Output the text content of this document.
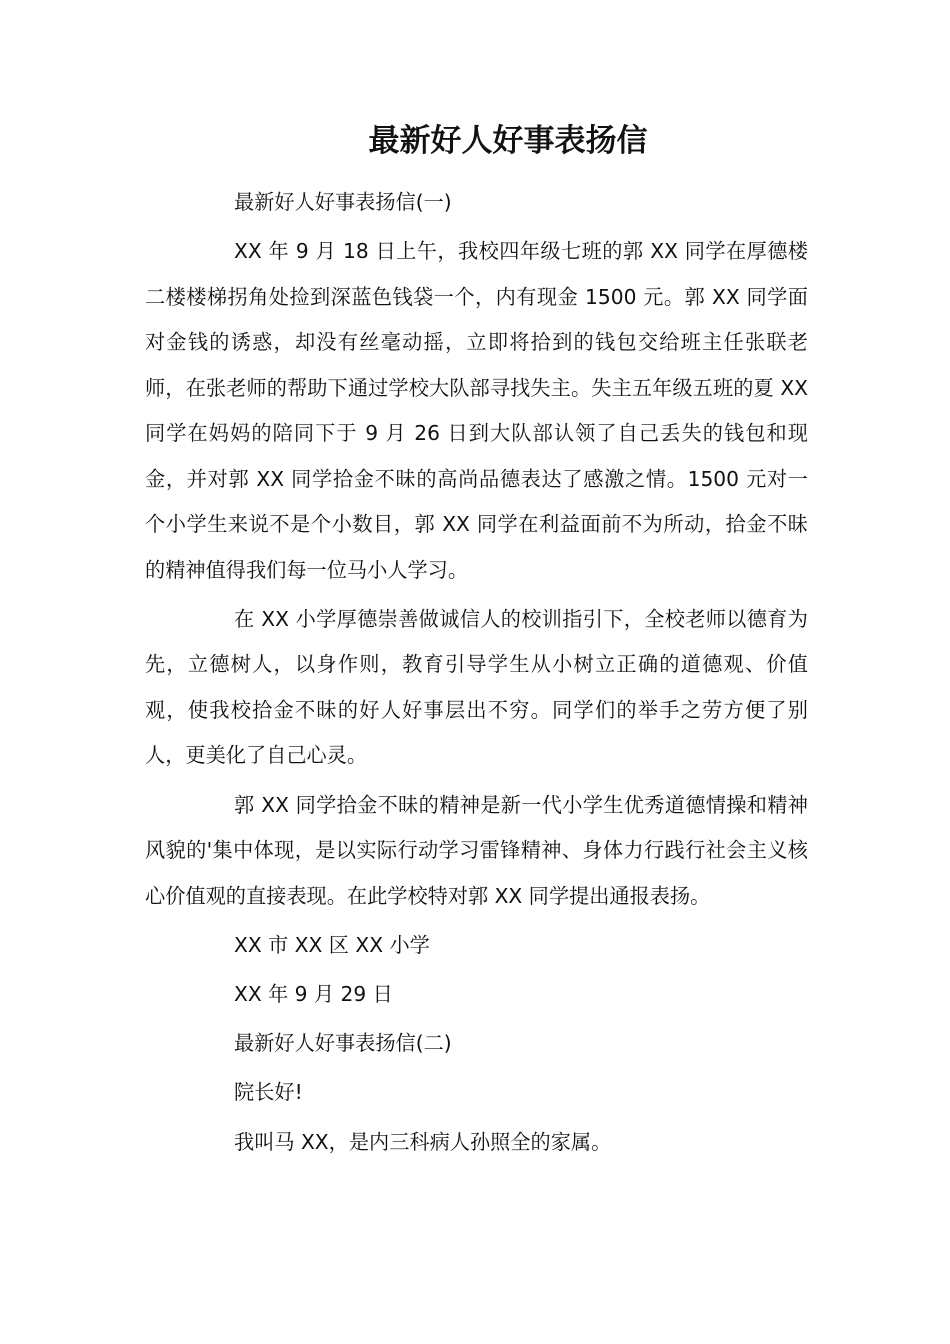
最新好人好事表扬信

最新好人好事表扬信(一)

XX 年 9 月 18 日上午，我校四年级七班的郭 XX 同学在厚德楼二楼楼梯拐角处捡到深蓝色钱袋一个，内有现金 1500 元。郭 XX 同学面对金钱的诱惑，却没有丝毫动摇，立即将拾到的钱包交给班主任张联老师，在张老师的帮助下通过学校大队部寻找失主。失主五年级五班的夏 XX 同学在妈妈的陪同下于 9 月 26 日到大队部认领了自己丢失的钱包和现金，并对郭 XX 同学拾金不昧的高尚品德表达了感激之情。1500 元对一个小学生来说不是个小数目，郭 XX 同学在利益面前不为所动，拾金不昧的精神值得我们每一位马小人学习。

在 XX 小学厚德崇善做诚信人的校训指引下，全校老师以德育为先，立德树人，以身作则，教育引导学生从小树立正确的道德观、价值观，使我校拾金不昧的好人好事层出不穷。同学们的举手之劳方便了别人，更美化了自己心灵。

郭 XX 同学拾金不昧的精神是新一代小学生优秀道德情操和精神风貌的'集中体现，是以实际行动学习雷锋精神、身体力行践行社会主义核心价值观的直接表现。在此学校特对郭 XX 同学提出通报表扬。

XX 市 XX 区 XX 小学

XX 年 9 月 29 日

最新好人好事表扬信(二)

院长好!

我叫马 XX，是内三科病人孙照全的家属。
